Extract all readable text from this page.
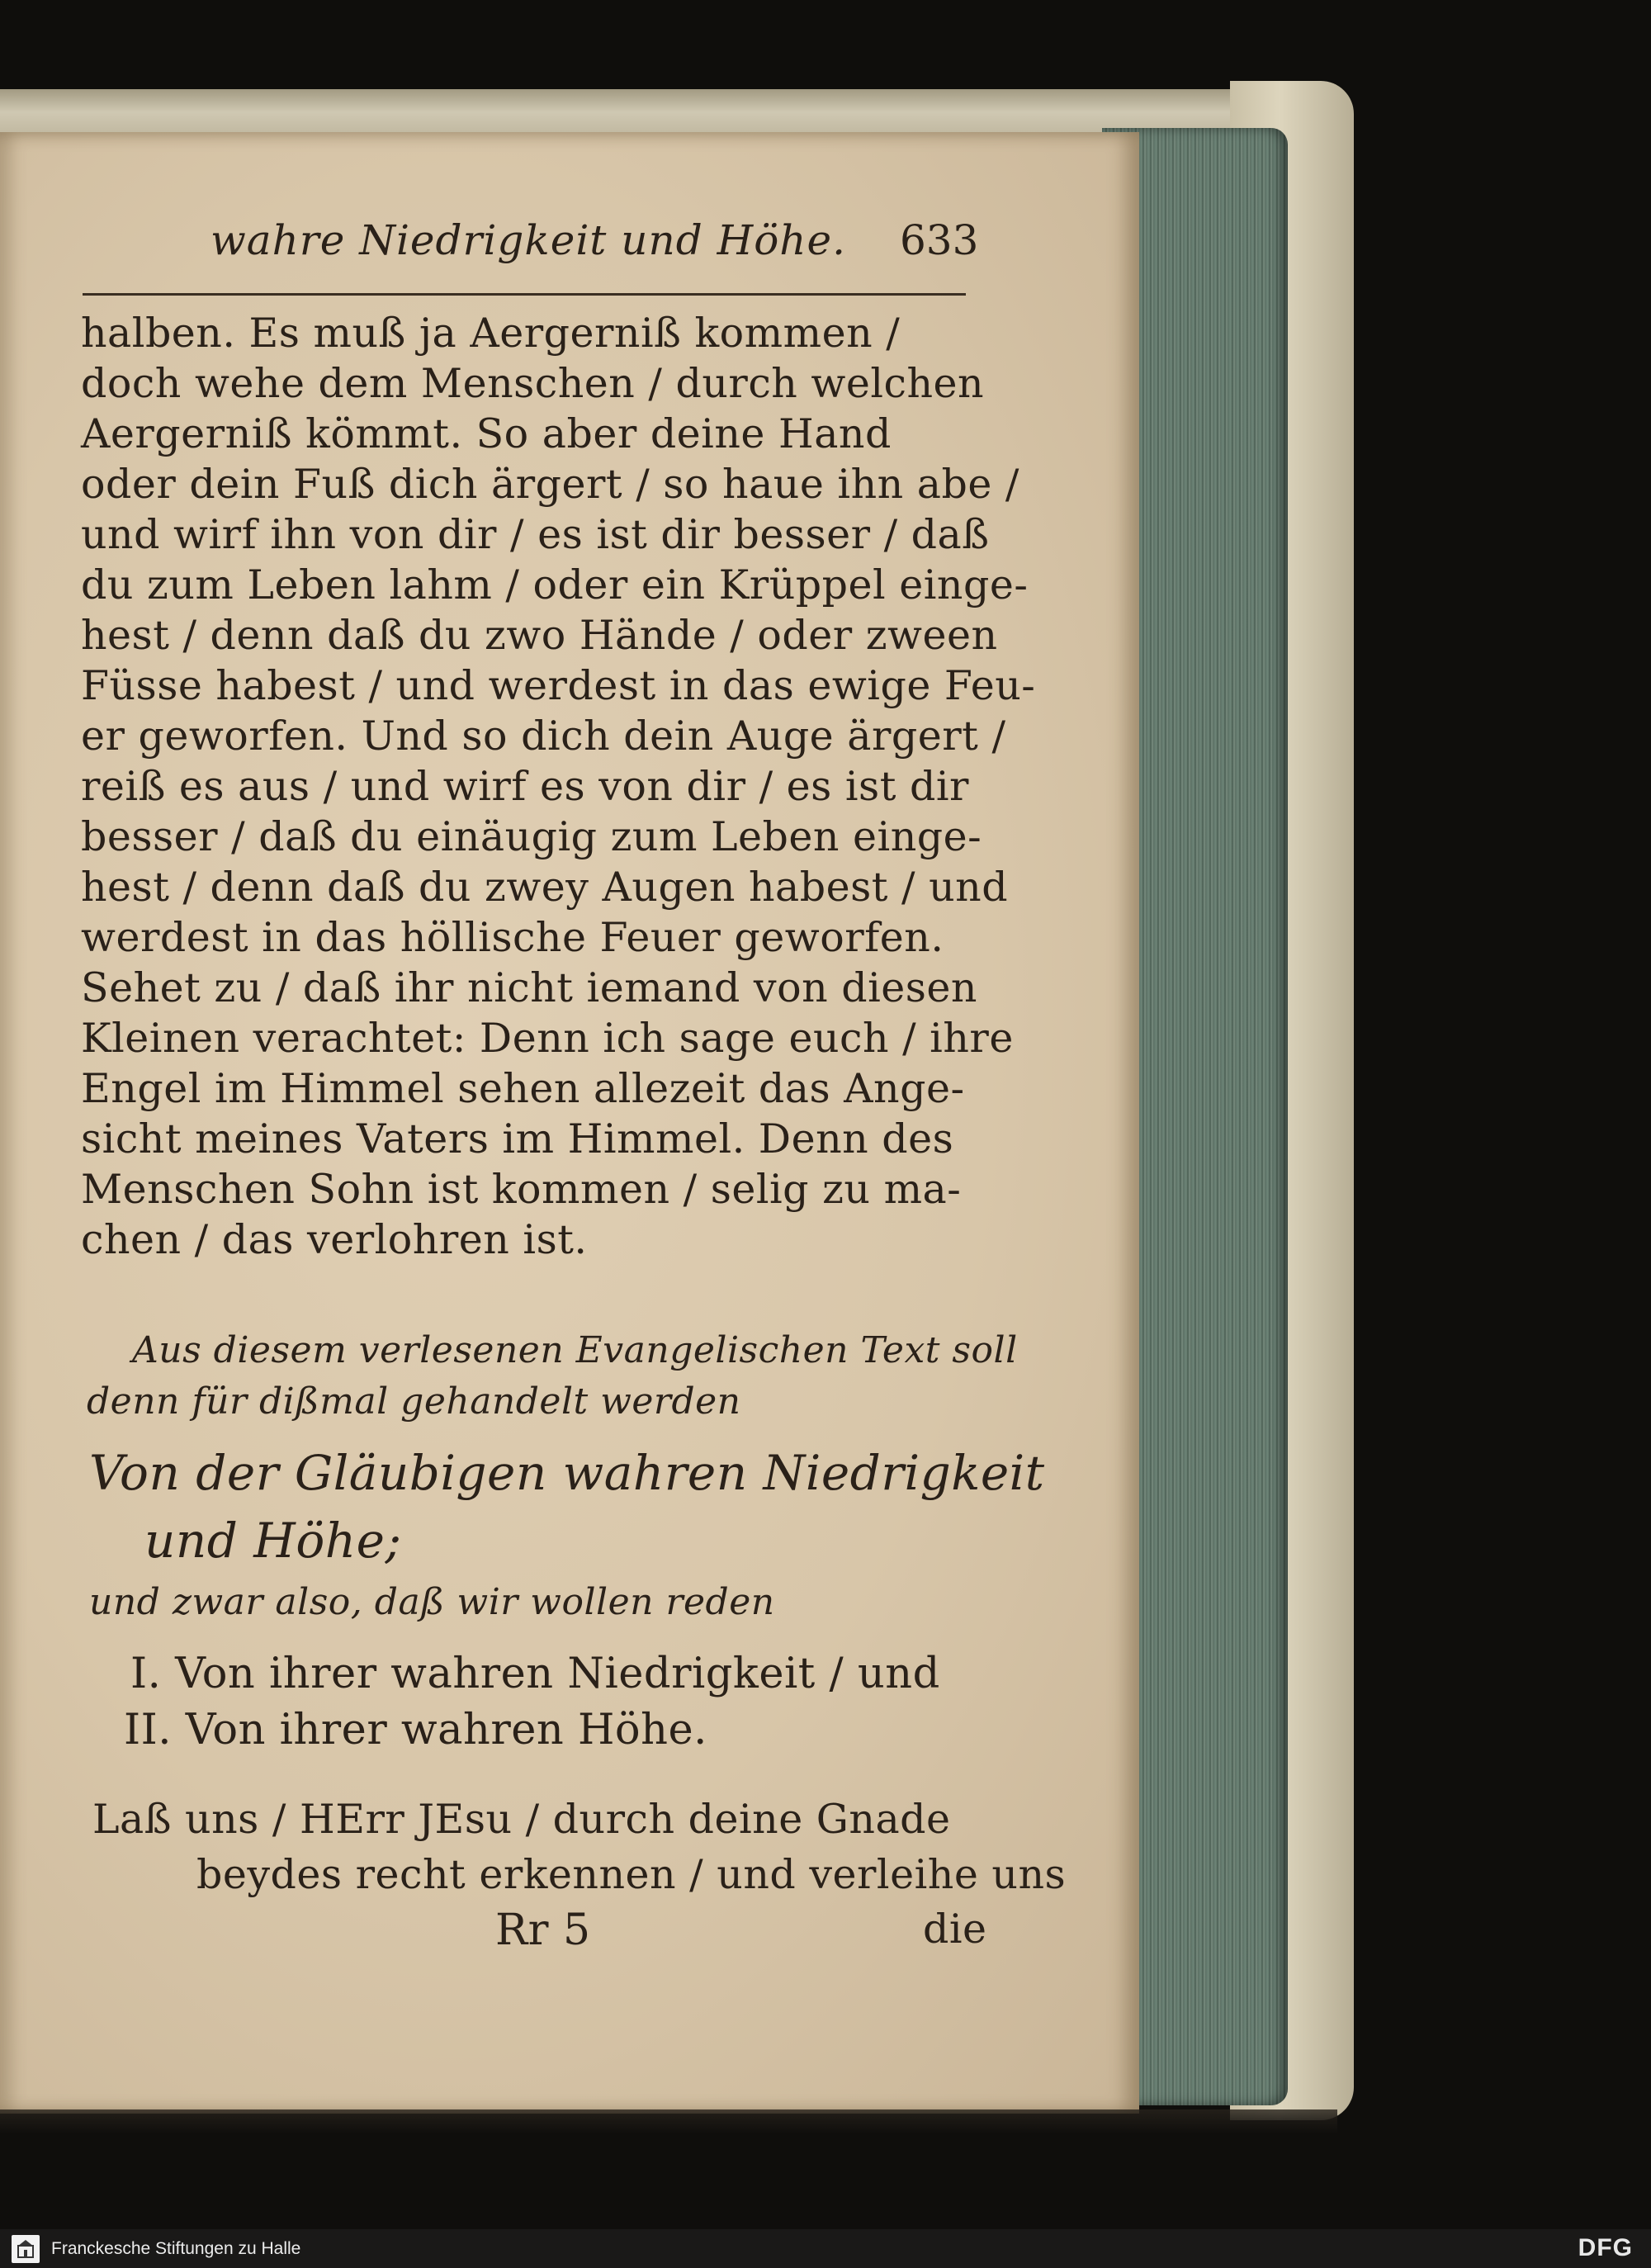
wahre Niedrigkeit und Höhe. 633
halben. Es muß ja Aergerniß kommen /
doch wehe dem Menschen / durch welchen
Aergerniß kömmt. So aber deine Hand
oder dein Fuß dich ärgert / so haue ihn abe /
und wirf ihn von dir / es ist dir besser / daß
du zum Leben lahm / oder ein Krüppel einge-
hest / denn daß du zwo Hände / oder zween
Füsse habest / und werdest in das ewige Feu-
er geworfen. Und so dich dein Auge ärgert /
reiß es aus / und wirf es von dir / es ist dir
besser / daß du einäugig zum Leben einge-
hest / denn daß du zwey Augen habest / und
werdest in das höllische Feuer geworfen.
Sehet zu / daß ihr nicht iemand von diesen
Kleinen verachtet: Denn ich sage euch / ihre
Engel im Himmel sehen allezeit das Ange-
sicht meines Vaters im Himmel. Denn des
Menschen Sohn ist kommen / selig zu ma-
chen / das verlohren ist.
Aus diesem verlesenen Evangelischen Text soll
denn für dißmal gehandelt werden
Von der Gläubigen wahren Niedrigkeit
und Höhe;
und zwar also, daß wir wollen reden
I. Von ihrer wahren Niedrigkeit / und
II. Von ihrer wahren Höhe.
Laß uns / HErr JEsu / durch deine Gnade
beydes recht erkennen / und verleihe uns
Rr 5	die
Franckesche Stiftungen zu Halle	DFG
